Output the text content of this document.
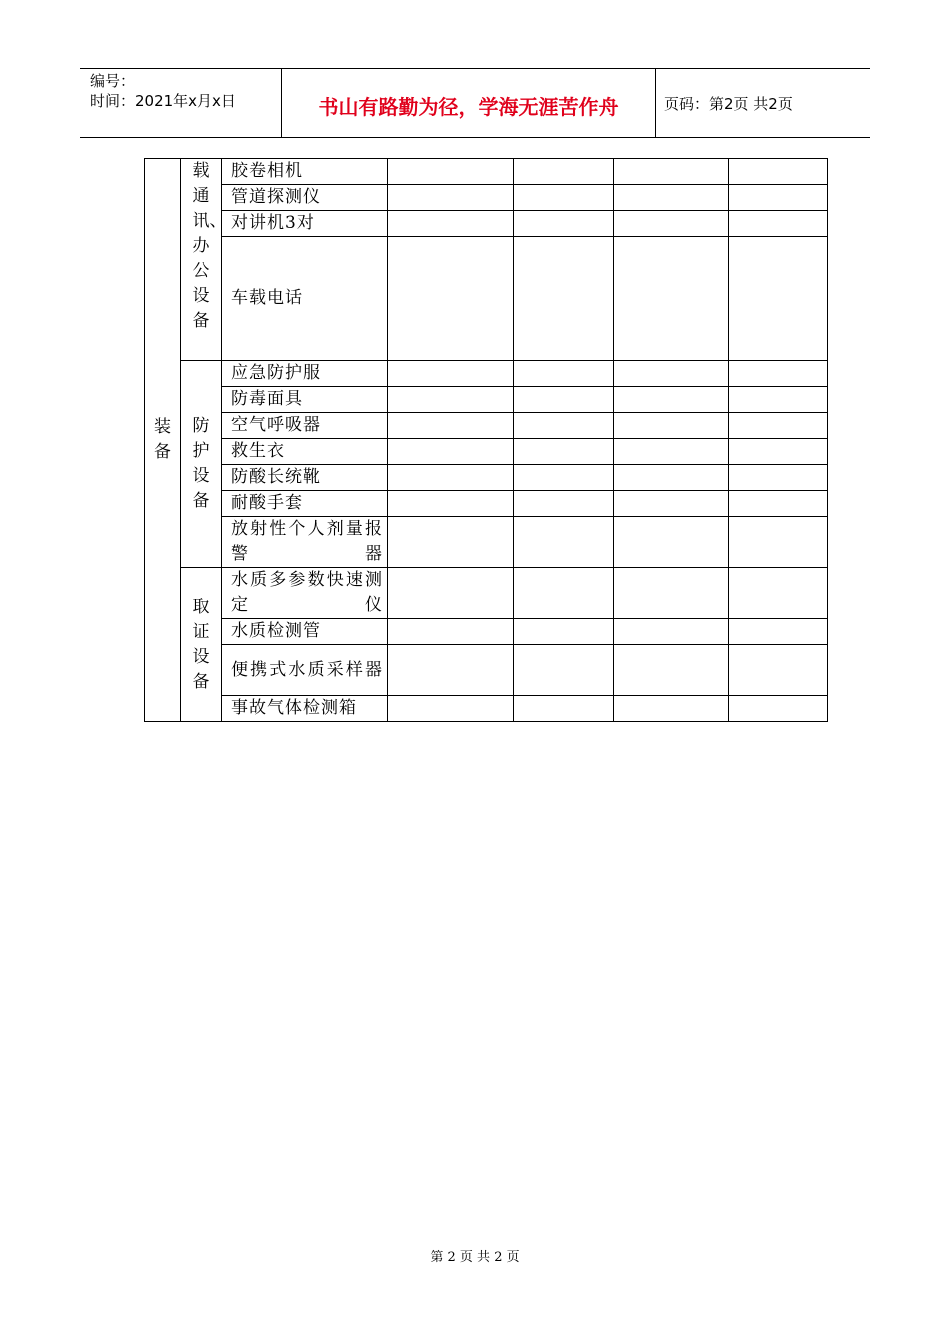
编号：
时间：2021年x月x日	书山有路勤为径，学海无涯苦作舟	页码：第2页 共2页
装备	载通讯、办公设备	胶卷相机				
		管道探测仪				
		对讲机3对				
		车载电话				

	防护设备	应急防护服				
		防毒面具				
		空气呼吸器				
		救生衣				
		防酸长统靴				
		耐酸手套				
		放射性个人剂量报警器				

	取证设备	水质多参数快速测定仪				
		水质检测管				
		便携式水质采样器				
		事故气体检测箱				
第 2 页 共 2 页
